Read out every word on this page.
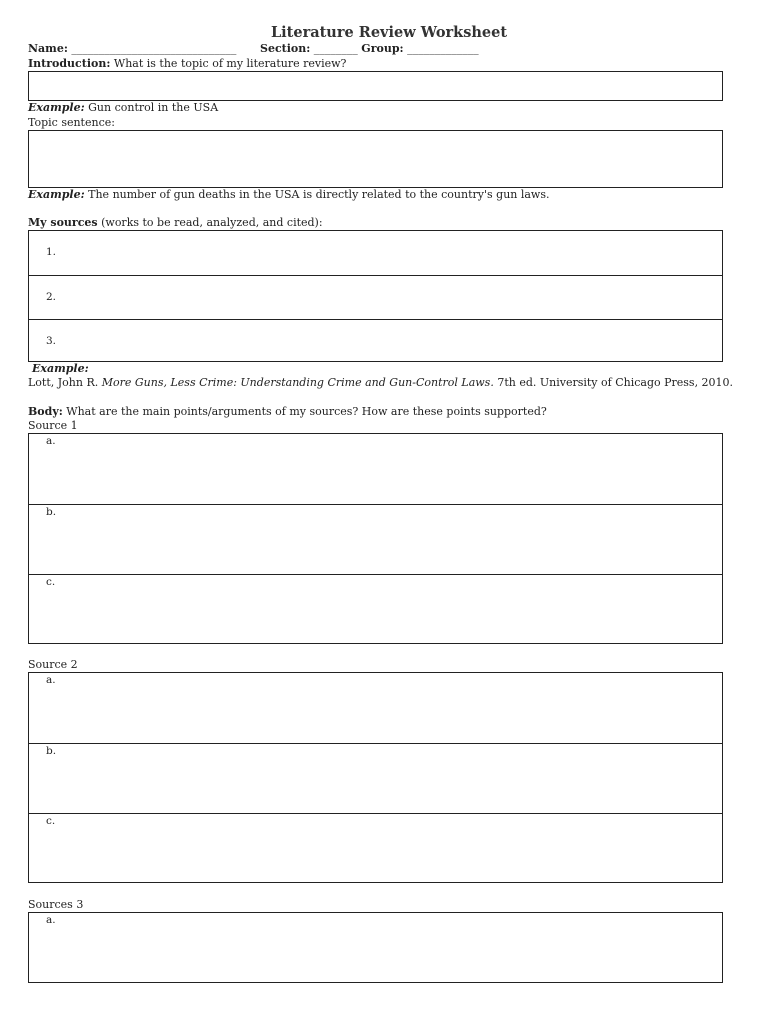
Literature Review Worksheet
Name: ______________________________ Section: ________ Group: _____________
Introduction: What is the topic of my literature review?
Example: Gun control in the USA
Topic sentence:
Example: The number of gun deaths in the USA is directly related to the country's gun laws.
My sources (works to be read, analyzed, and cited):
1.
2.
3.
Example:
Lott, John R. More Guns, Less Crime: Understanding Crime and Gun-Control Laws. 7th ed. University of Chicago Press, 2010.
Body: What are the main points/arguments of my sources? How are these points supported?
Source 1
a.
b.
c.
Source 2
a.
b.
c.
Sources 3
a.
